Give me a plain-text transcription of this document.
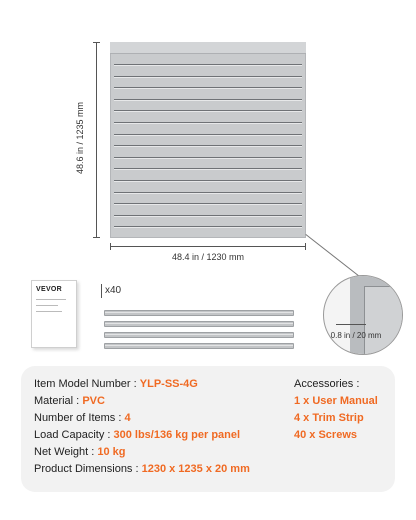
48.6 in / 1235 mm
48.4 in / 1230 mm
0.8 in / 20 mm
VEVOR	x40
Item Model Number : YLP-SS-4G
Material : PVC
Number of Items : 4
Load Capacity : 300 lbs/136 kg per panel
Net Weight : 10 kg
Product Dimensions : 1230 x 1235 x 20 mm
Accessories :
1 x User Manual
4 x Trim Strip
40 x Screws
